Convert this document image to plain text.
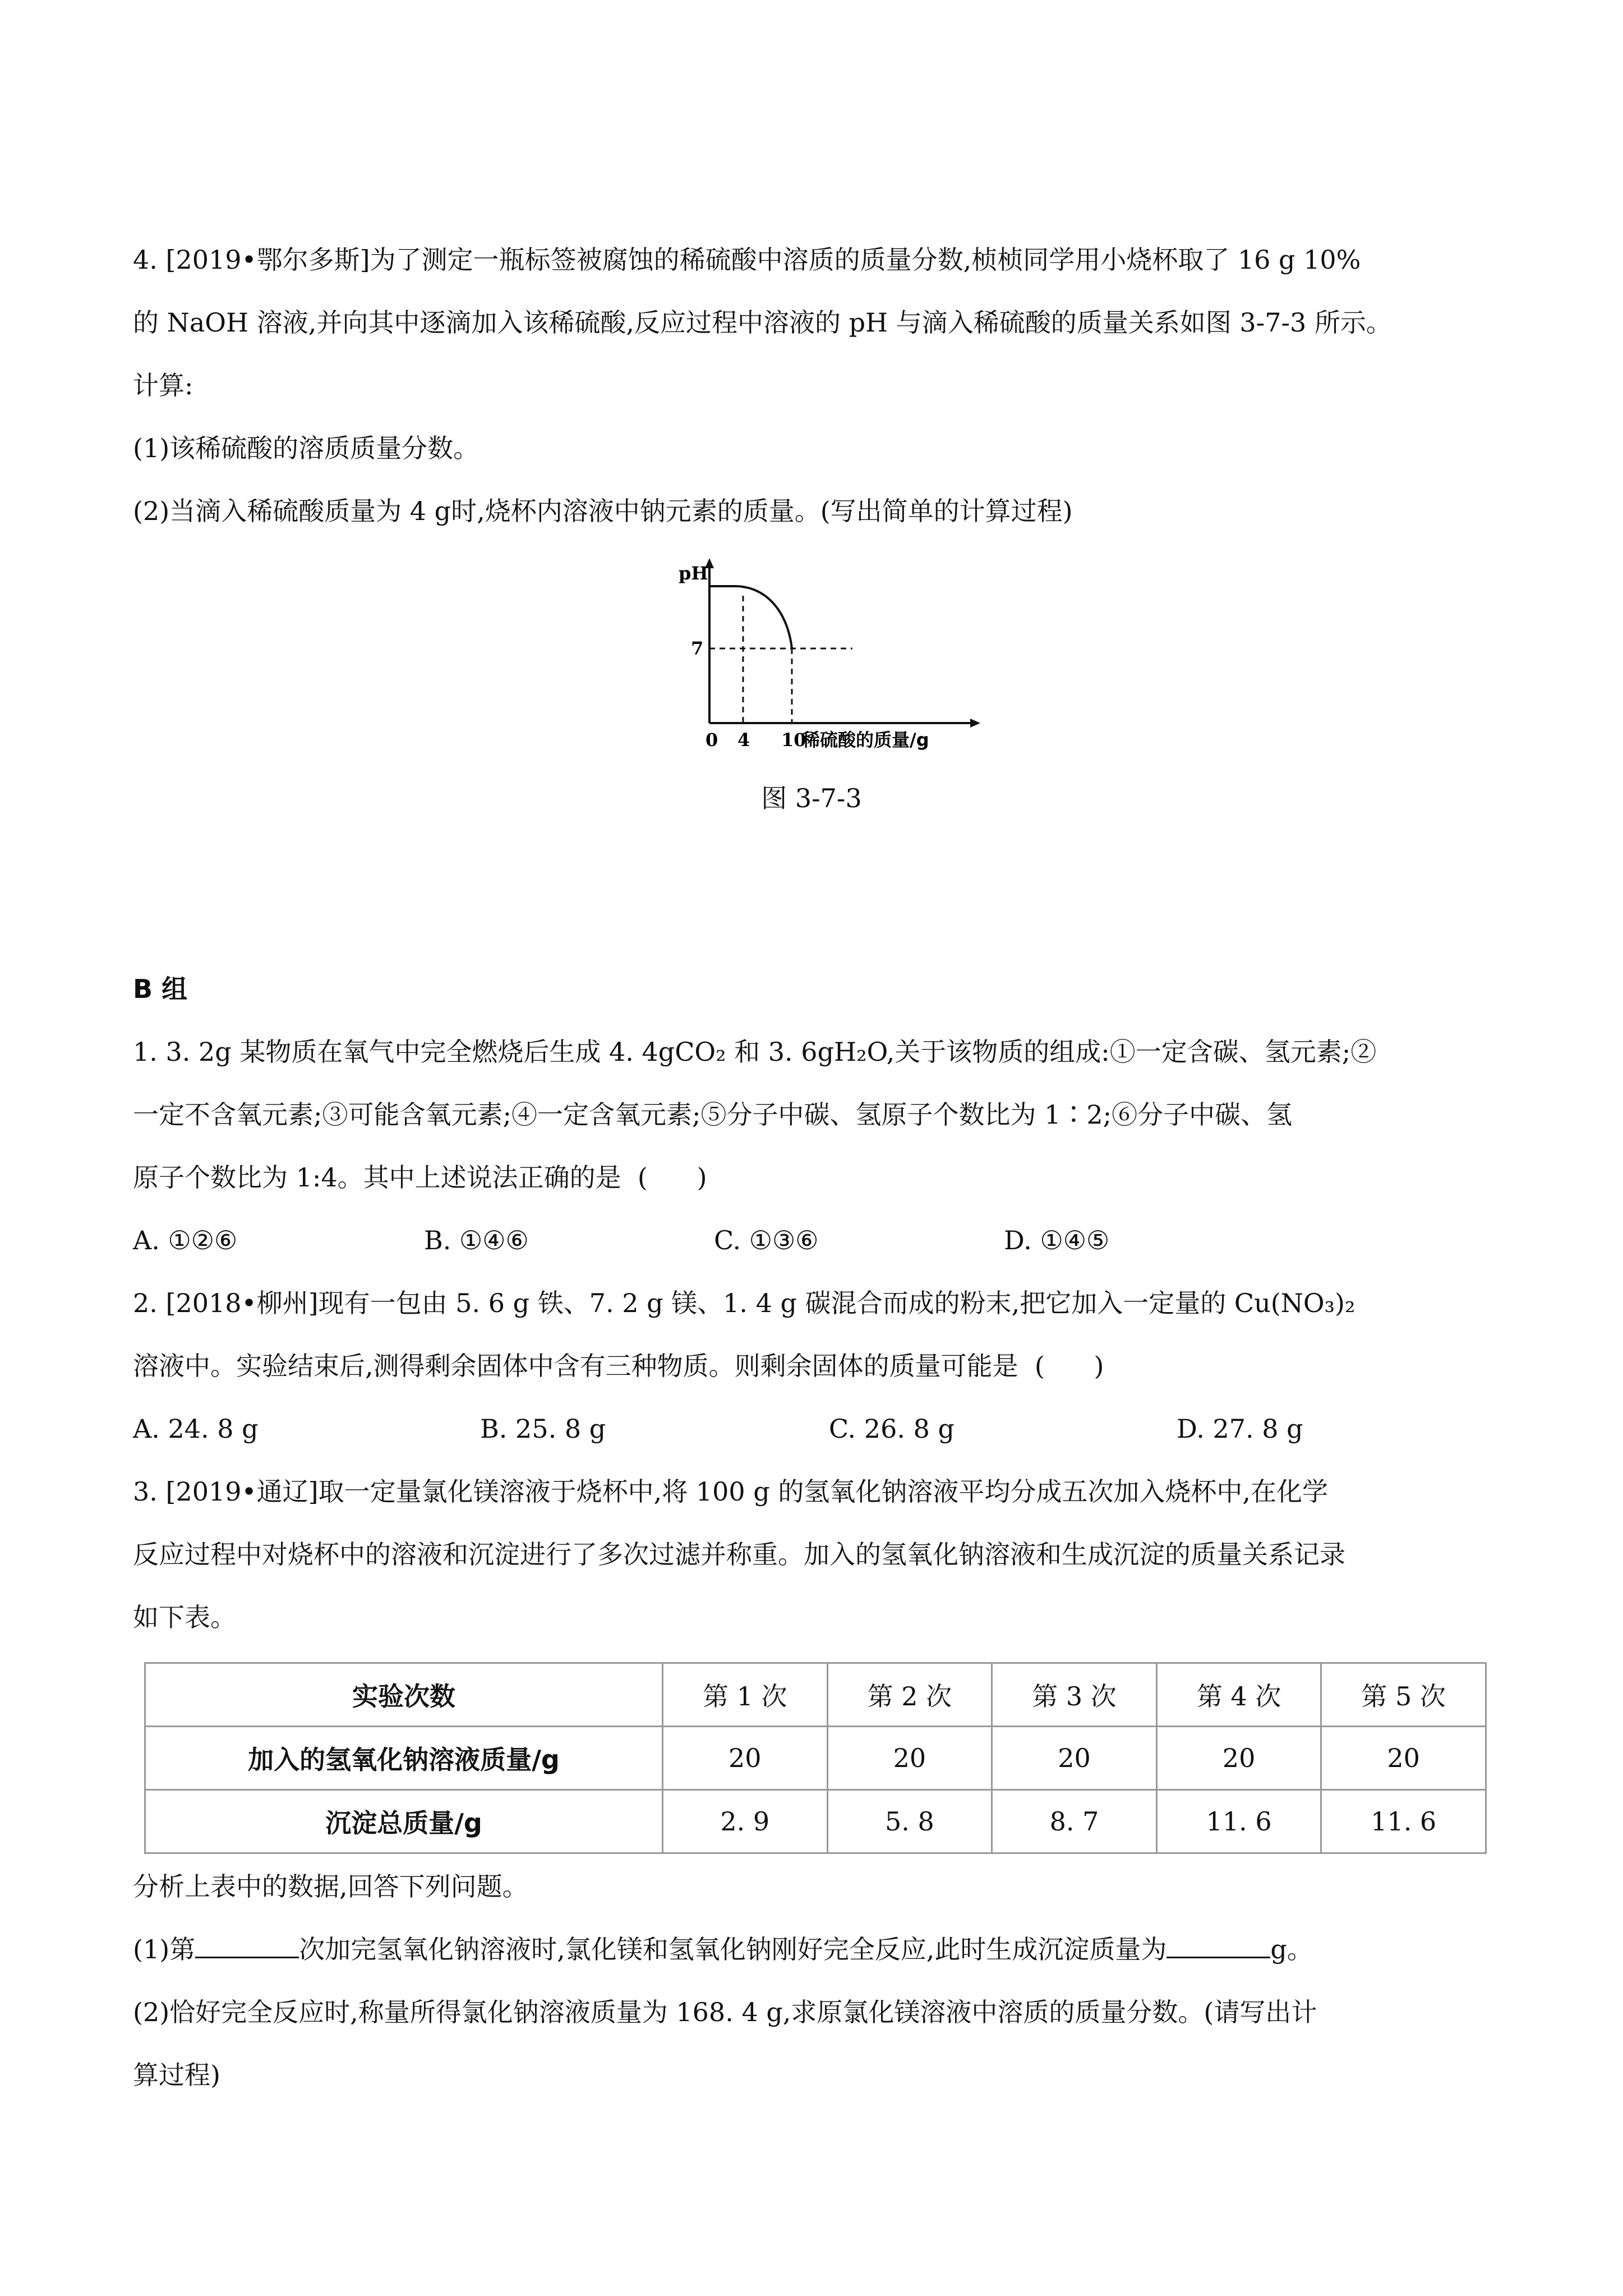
4. [2019•鄂尔多斯]为了测定一瓶标签被腐蚀的稀硫酸中溶质的质量分数,桢桢同学用小烧杯取了 16 g 10%
的 NaOH 溶液,并向其中逐滴加入该稀硫酸,反应过程中溶液的 pH 与滴入稀硫酸的质量关系如图 3-7-3 所示。
计算:
(1)该稀硫酸的溶质质量分数。
(2)当滴入稀硫酸质量为 4 g时,烧杯内溶液中钠元素的质量。(写出简单的计算过程)
pH
7
0 4 10
稀硫酸的质量/g
图 3-7-3
B 组
1. 3. 2g 某物质在氧气中完全燃烧后生成 4. 4gCO₂ 和 3. 6gH₂O,关于该物质的组成:①一定含碳、氢元素;②
一定不含氧元素;③可能含氧元素;④一定含氧元素;⑤分子中碳、氢原子个数比为 1∶2;⑥分子中碳、氢
原子个数比为 1:4。其中上述说法正确的是  (      )
A. ①②⑥	B. ①④⑥	C. ①③⑥	D. ①④⑤
2. [2018•柳州]现有一包由 5. 6 g 铁、7. 2 g 镁、1. 4 g 碳混合而成的粉末,把它加入一定量的 Cu(NO₃)₂
溶液中。实验结束后,测得剩余固体中含有三种物质。则剩余固体的质量可能是  (      )
A. 24. 8 g	B. 25. 8 g	C. 26. 8 g	D. 27. 8 g
3. [2019•通辽]取一定量氯化镁溶液于烧杯中,将 100 g 的氢氧化钠溶液平均分成五次加入烧杯中,在化学
反应过程中对烧杯中的溶液和沉淀进行了多次过滤并称重。加入的氢氧化钠溶液和生成沉淀的质量关系记录
如下表。
实验次数	第 1 次	第 2 次	第 3 次	第 4 次	第 5 次
加入的氢氧化钠溶液质量/g	20	20	20	20	20
沉淀总质量/g	2. 9	5. 8	8. 7	11. 6	11. 6
分析上表中的数据,回答下列问题。
(1)第	次加完氢氧化钠溶液时,氯化镁和氢氧化钠刚好完全反应,此时生成沉淀质量为	g。
(2)恰好完全反应时,称量所得氯化钠溶液质量为 168. 4 g,求原氯化镁溶液中溶质的质量分数。(请写出计
算过程)
